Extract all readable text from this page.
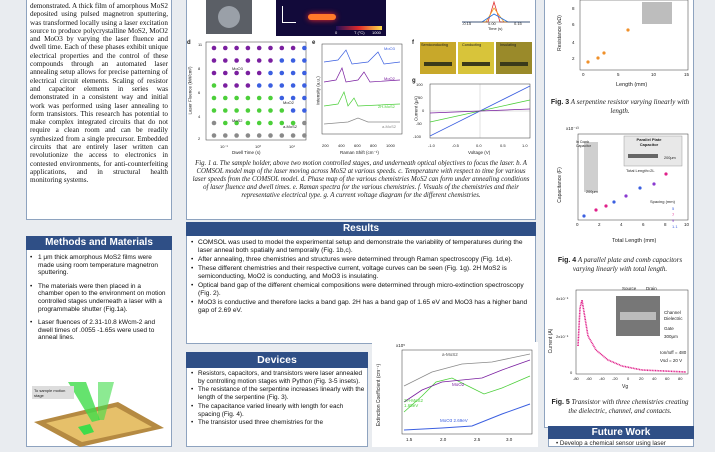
demonstrated. A thick film of amorphous MoS2 deposited using pulsed magnetron sputtering, was transformed locally using a laser excitation source to produce polycrystalline MoS2, MoO2 and MoO3 by varying the laser fluence and dwell time. Each of these phases exhibit unique electrical properties and the control of these compounds through an automated laser annealing setup allows for precise patterning of electrical circuit elements. Scaling of resistor and capacitor elements in series was demonstrated in a consistent way and initial work was performed using laser annealing to form transistors. This research has potential to make complex integrated circuits that do not require a clean room and can be readily synthesized from a single precursor. Embedded circuits that are entirely laser written can revolutionize the access to electronics in contested environments, for anti-counterfeiting applications, and in structural health monitoring systems.
Methods and Materials

• 1 μm thick amorphous MoS2 films were made using room temperature magnetron sputtering.

• The materials were then placed in a chamber open to the environment on motion controlled stages underneath a laser with a programmable shutter (Fig.1a).

• Laser fluences of 2.31-10.8 kWcm-2 and dwell times of .0055 -1.65s were used to anneal lines.

To sample motion stage
0	1000
T (°C)
-0.15	0.00	0.15
Time (s)
d
Laser Fluence (kW/cm²)
Dwell Time (s)
11
8
6
4
2
10⁻¹	10⁰	10¹
MoO3
MoS2
MoO2
a-MoS2
e
MoO3
MoO2
2H-MoS2
a-MoS2
Intensity (a.u.)
Raman Shift (cm⁻¹)
200 400 600 800 1000
f Semiconducting	Conducting	Insulating
g
Current (μA)
Voltage (V)
100
50
0
-50
-100
-1.0	-0.5	0.0	0.5	1.0
Fig. 1 a. The sample holder, above two motion controlled stages, and underneath optical objectives to focus the laser. b. A COMSOL model map of the laser moving across MoS2 at various speeds. c. Temperature with respect to time for various laser speeds from the COMSOL model. d. Phase map of the various chemistries MoS2 can form under annealing conditions of laser fluence and dwell times. e. Raman spectra for the various chemistries. f. Visuals of the chemistries and their representative electrical type. g. A current voltage diagram for the different chemistries.
Results
• COMSOL was used to model the experimental setup and demonstrate the variability of temperatures during the laser anneal both spatially and temporally (Fig. 1b,c).
• After annealing, three chemistries and structures were determined through Raman spectroscopy (Fig. 1d,e).
• These different chemistries and their respective current, voltage curves can be seen (Fig. 1g). 2H MoS2 is semiconducting, MoO2 is conducting, and MoO3 is insulating.
• Optical band gap of the different chemical compositions were determined through micro-extinction spectroscopy (Fig. 2).
• MoO3 is conductive and therefore lacks a band gap. 2H has a band gap of 1.65 eV and MoO3 has a higher band gap of 2.69 eV.
Devices
• Resistors, capacitors, and transistors were laser annealed by controlling motion stages with Python (Fig. 3-5 insets).
• The resistance of the serpentine increases linearly with the length of the serpentine (Fig. 3).
• The capacitance varied linearly with length for each spacing (Fig. 4).
• The transistor used three chemistries for the	Extinction Coefficient (cm⁻¹)
x10⁵
a-MoS2
MoO2
2H-MoS2 1.65eV
MoO3 2.69eV
1.5	2.0	2.5	3.0
Resistance (kΩ)
8
6
4
2
0	5	10	15
Length (mm)
Fig. 3 A serpentine resistor varying linearly with length.
x10⁻¹³
Parallel Plate Capacitor
In Comb Capacitor
Total Length=2L
200μm
200μm
Spacing (mm)
5
7
9
1.1
Capacitance (F)
0	2	4	6	8	10
Total Length (mm)
Fig. 4 A parallel plate and comb capacitors varying linearly with total length.
Source Drain
Channel
Dielectric
Gate
300μm
Ion/Ioff = 480
Vsd = 20 V
Current (A)
4x10⁻⁵
2x10⁻⁵
0
-80 -60 -40 -20 0 20 40 60 80
Vg
Fig. 5 Transistor with three chemistries creating the dielectric, channel, and contacts.
Future Work
• Develop a chemical sensor using laser
